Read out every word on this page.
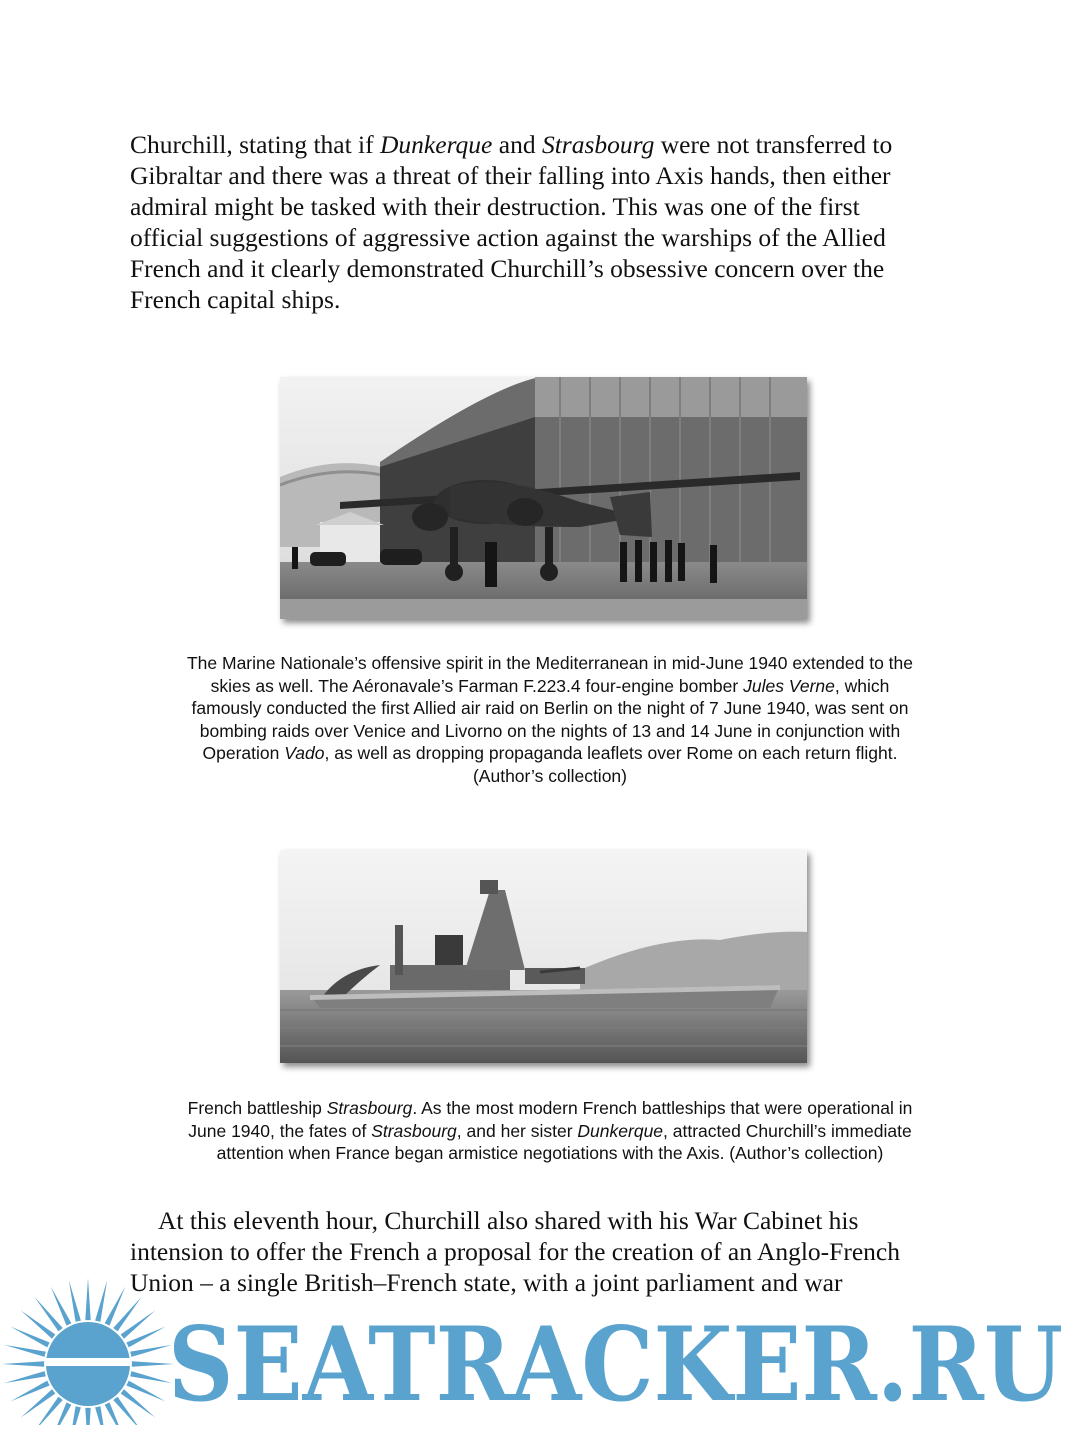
Churchill, stating that if Dunkerque and Strasbourg were not transferred to
Gibraltar and there was a threat of their falling into Axis hands, then either
admiral might be tasked with their destruction. This was one of the first
official suggestions of aggressive action against the warships of the Allied
French and it clearly demonstrated Churchill’s obsessive concern over the
French capital ships.
The Marine Nationale’s offensive spirit in the Mediterranean in mid-June 1940 extended to the
skies as well. The Aéronavale’s Farman F.223.4 four-engine bomber Jules Verne, which
famously conducted the first Allied air raid on Berlin on the night of 7 June 1940, was sent on
bombing raids over Venice and Livorno on the nights of 13 and 14 June in conjunction with
Operation Vado, as well as dropping propaganda leaflets over Rome on each return flight.
(Author’s collection)
French battleship Strasbourg. As the most modern French battleships that were operational in
June 1940, the fates of Strasbourg, and her sister Dunkerque, attracted Churchill’s immediate
attention when France began armistice negotiations with the Axis. (Author’s collection)
At this eleventh hour, Churchill also shared with his War Cabinet his
intension to offer the French a proposal for the creation of an Anglo-French
Union – a single British–French state, with a joint parliament and war
SEATRACKER.RU
